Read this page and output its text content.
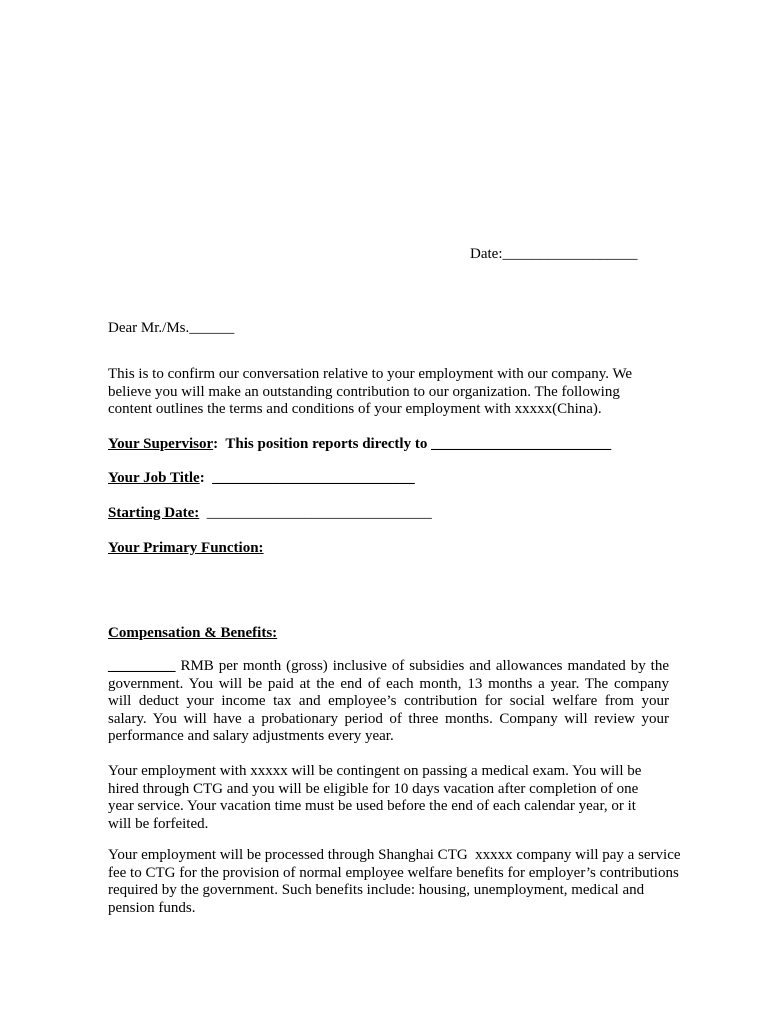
Date:__________________
Dear Mr./Ms.______
This is to confirm our conversation relative to your employment with our company. We
believe you will make an outstanding contribution to our organization. The following
content outlines the terms and conditions of your employment with xxxxx(China).
Your Supervisor:  This position reports directly to ________________________
Your Job Title:  ___________________________
Starting Date:  ______________________________
Your Primary Function:
Compensation & Benefits:
_________ RMB per month (gross) inclusive of subsidies and allowances mandated by the
government. You will be paid at the end of each month, 13 months a year. The company
will deduct your income tax and employee’s contribution for social welfare from your
salary. You will have a probationary period of three months. Company will review your
performance and salary adjustments every year.
Your employment with xxxxx will be contingent on passing a medical exam. You will be
hired through CTG and you will be eligible for 10 days vacation after completion of one
year service. Your vacation time must be used before the end of each calendar year, or it
will be forfeited.
Your employment will be processed through Shanghai CTG  xxxxx company will pay a service
fee to CTG for the provision of normal employee welfare benefits for employer’s contributions
required by the government. Such benefits include: housing, unemployment, medical and
pension funds.
